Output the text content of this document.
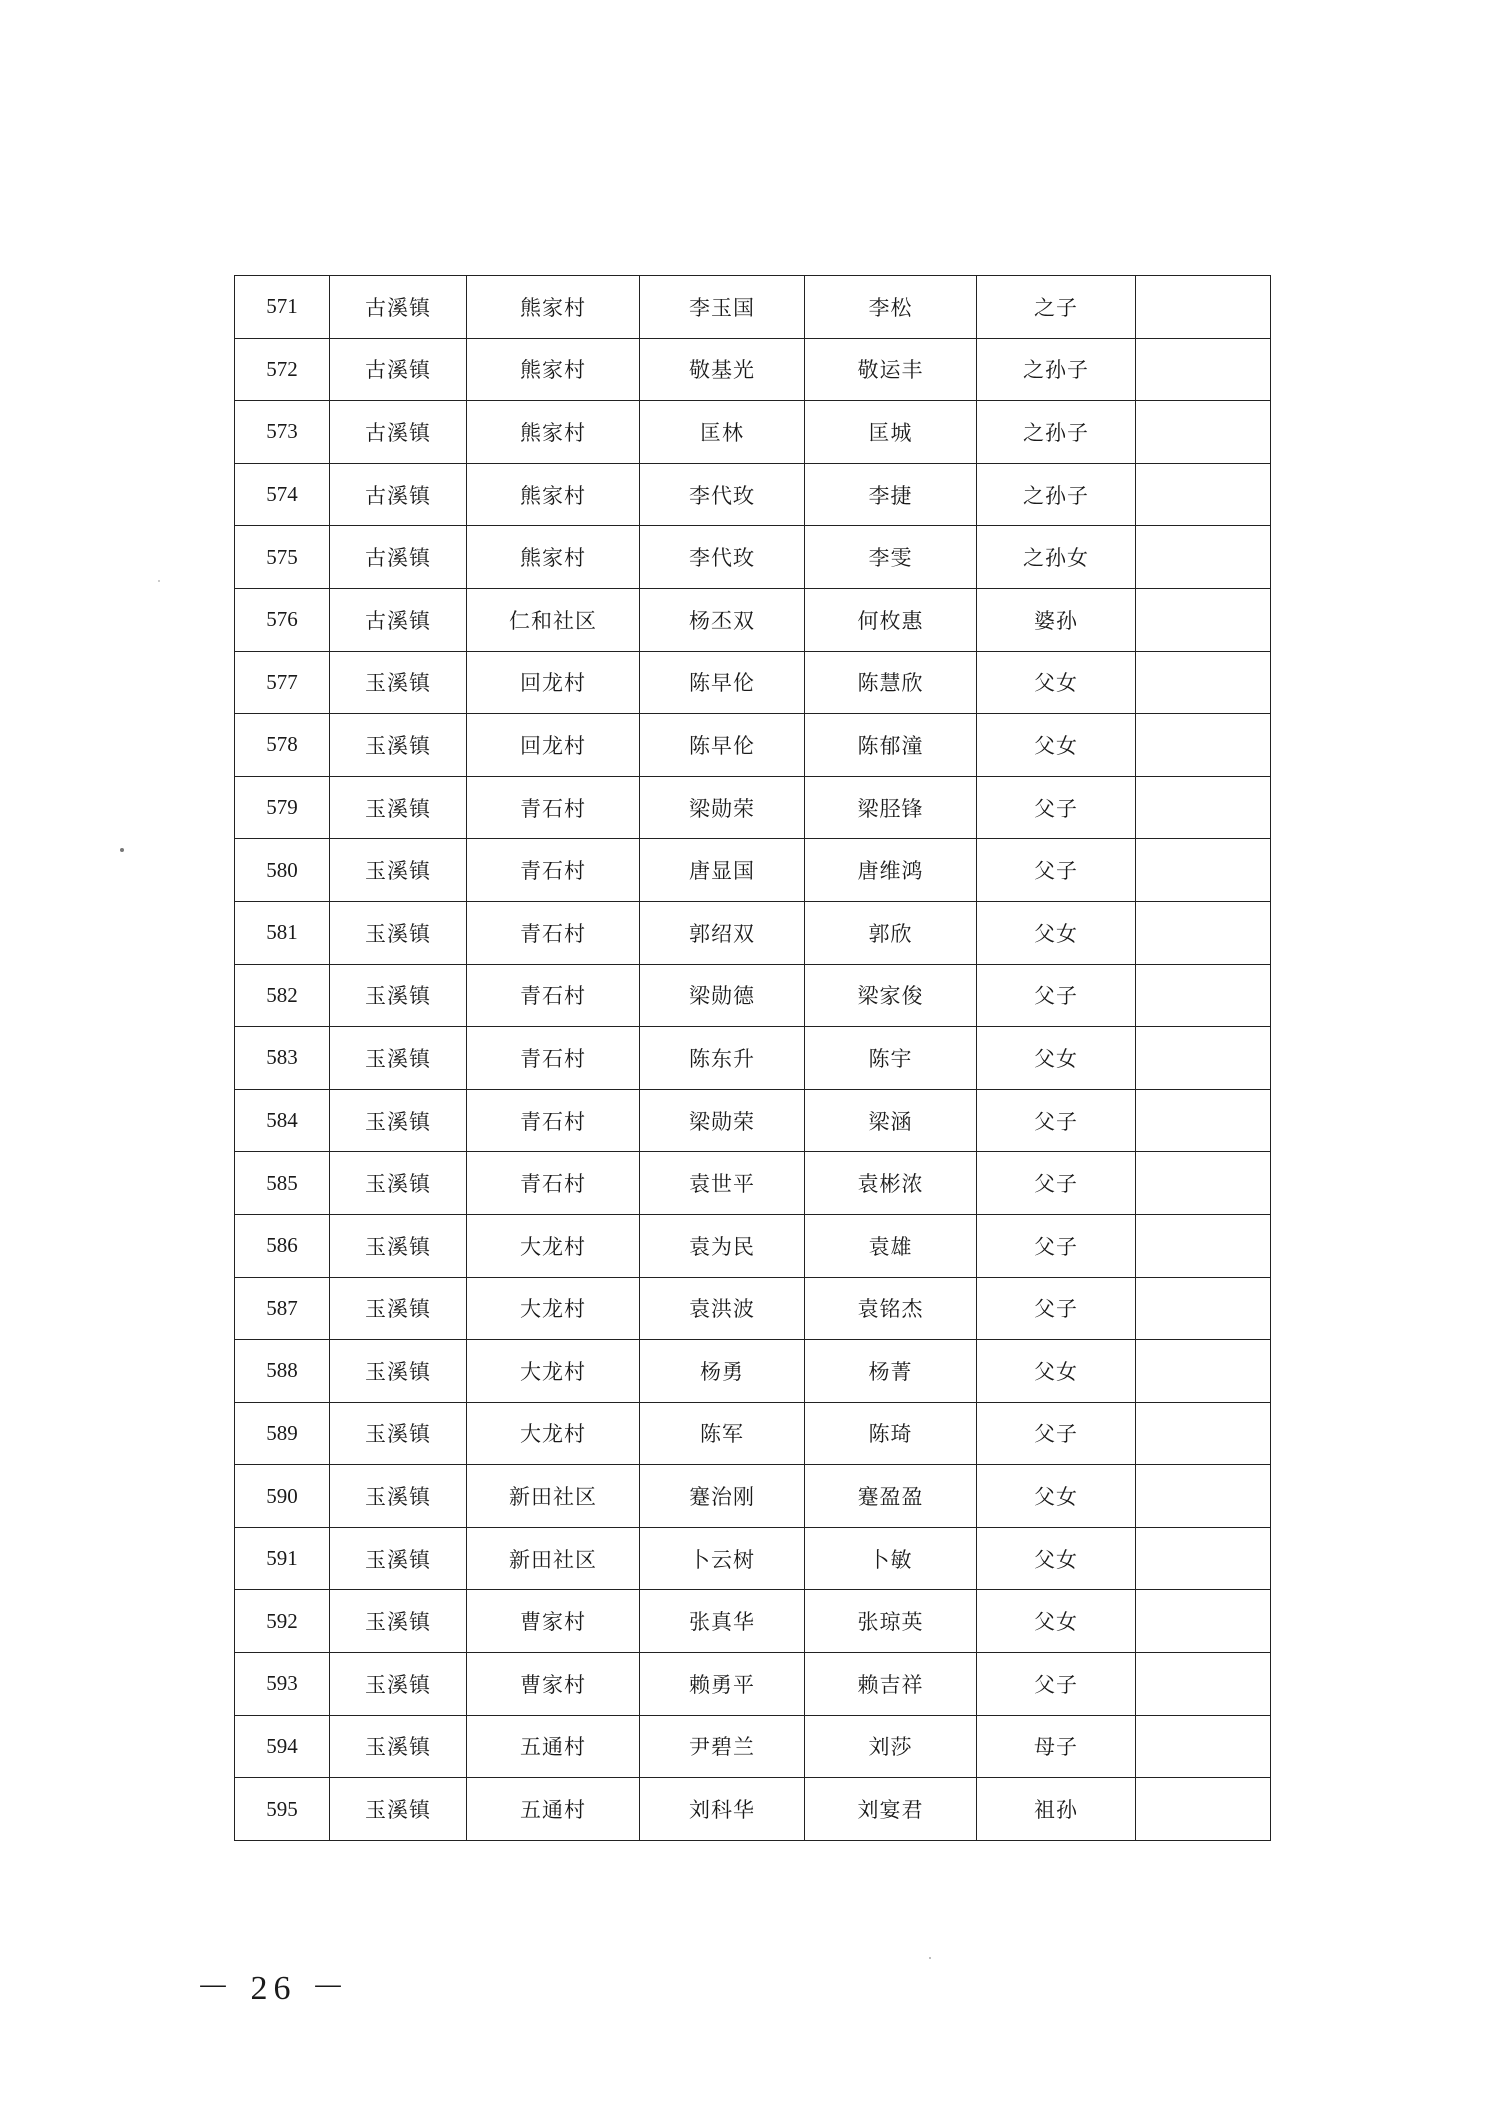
571	古溪镇	熊家村	李玉国	李松	之子	
572	古溪镇	熊家村	敬基光	敬运丰	之孙子	
573	古溪镇	熊家村	匡林	匡城	之孙子	
574	古溪镇	熊家村	李代玫	李捷	之孙子	
575	古溪镇	熊家村	李代玫	李雯	之孙女	
576	古溪镇	仁和社区	杨丕双	何枚惠	婆孙	
577	玉溪镇	回龙村	陈早伦	陈慧欣	父女	
578	玉溪镇	回龙村	陈早伦	陈郁潼	父女	
579	玉溪镇	青石村	梁勋荣	梁胫锋	父子	
580	玉溪镇	青石村	唐显国	唐维鸿	父子	
581	玉溪镇	青石村	郭绍双	郭欣	父女	
582	玉溪镇	青石村	梁勋德	梁家俊	父子	
583	玉溪镇	青石村	陈东升	陈宇	父女	
584	玉溪镇	青石村	梁勋荣	梁涵	父子	
585	玉溪镇	青石村	袁世平	袁彬浓	父子	
586	玉溪镇	大龙村	袁为民	袁雄	父子	
587	玉溪镇	大龙村	袁洪波	袁铭杰	父子	
588	玉溪镇	大龙村	杨勇	杨菁	父女	
589	玉溪镇	大龙村	陈军	陈琦	父子	
590	玉溪镇	新田社区	蹇治刚	蹇盈盈	父女	
591	玉溪镇	新田社区	卜云树	卜敏	父女	
592	玉溪镇	曹家村	张真华	张琼英	父女	
593	玉溪镇	曹家村	赖勇平	赖吉祥	父子	
594	玉溪镇	五通村	尹碧兰	刘莎	母子	
595	玉溪镇	五通村	刘科华	刘宴君	祖孙	
－ 26 －
